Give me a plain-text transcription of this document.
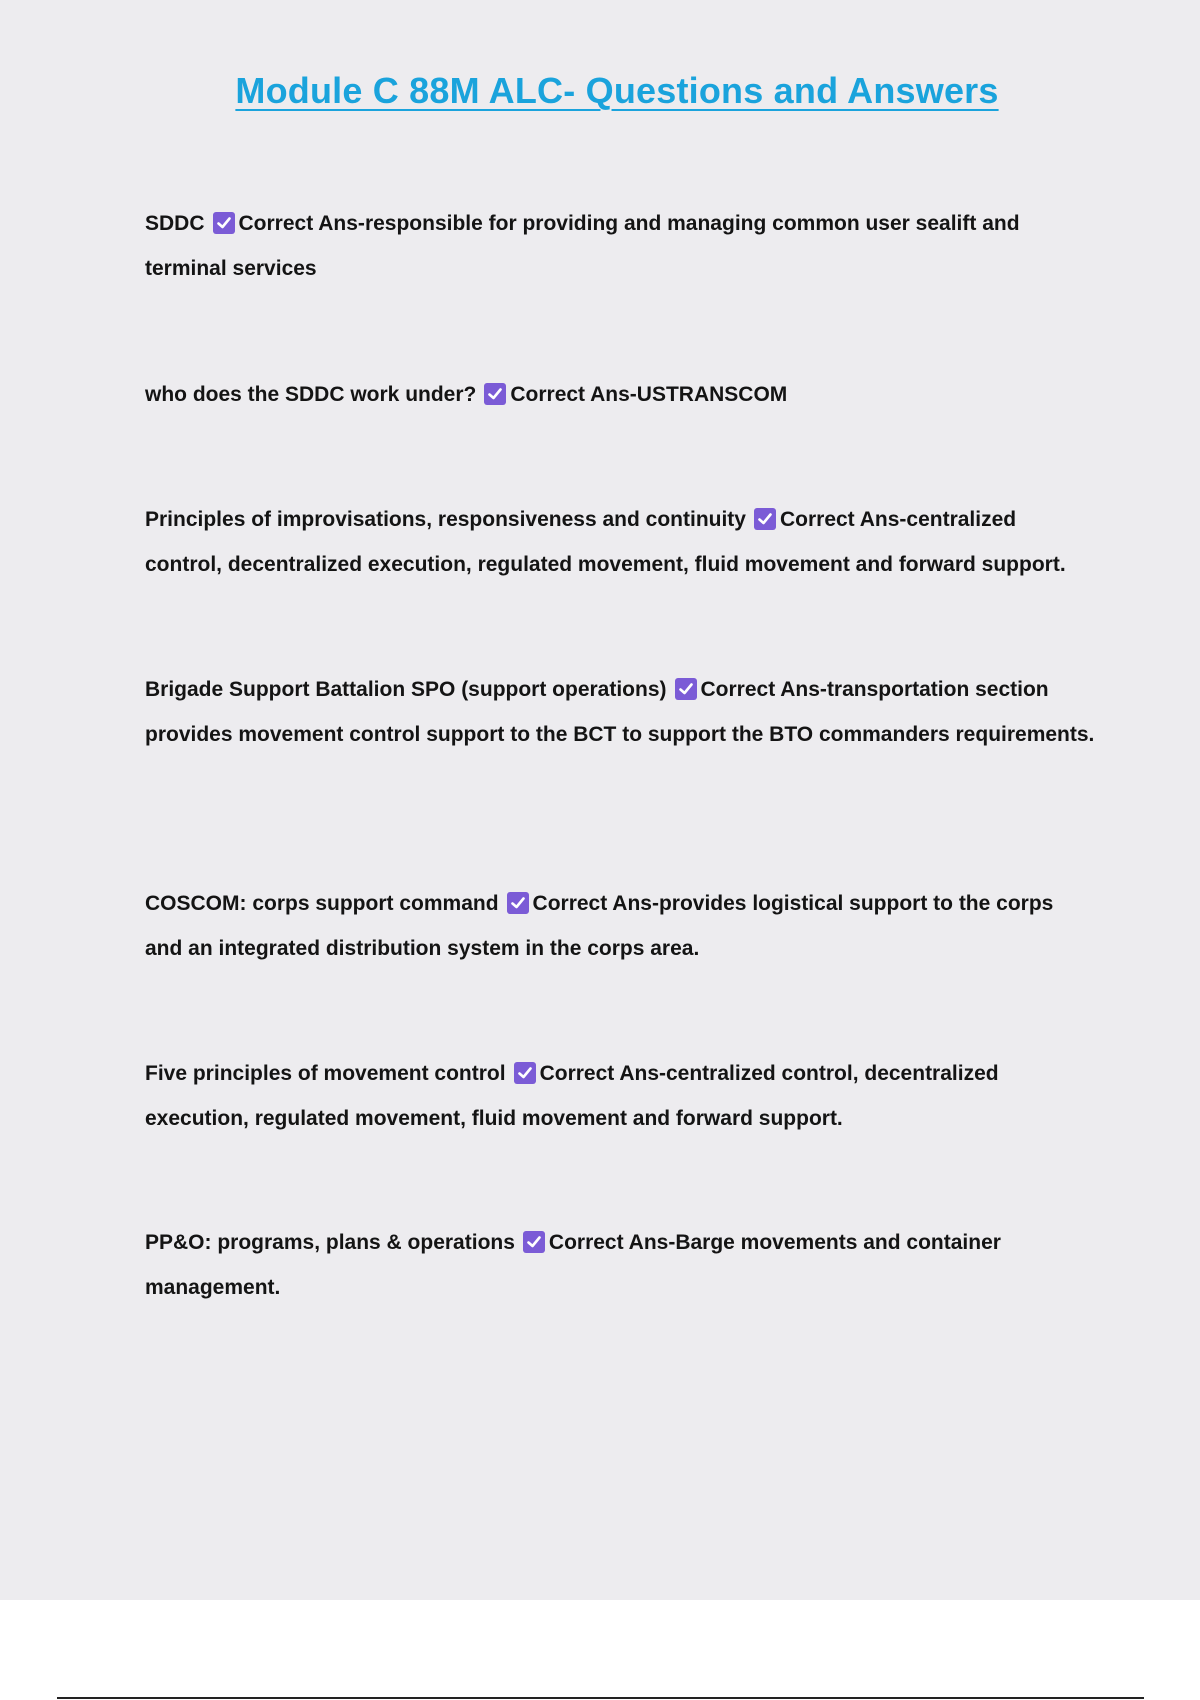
Module C 88M ALC- Questions and Answers
SDDC Correct Ans-responsible for providing and managing common user sealift and terminal services
who does the SDDC work under? Correct Ans-USTRANSCOM
Principles of improvisations, responsiveness and continuity Correct Ans-centralized control, decentralized execution, regulated movement, fluid movement and forward support.
Brigade Support Battalion SPO (support operations) Correct Ans-transportation section provides movement control support to the BCT to support the BTO commanders requirements.
COSCOM: corps support command Correct Ans-provides logistical support to the corps and an integrated distribution system in the corps area.
Five principles of movement control Correct Ans-centralized control, decentralized execution, regulated movement, fluid movement and forward support.
PP&O: programs, plans & operations Correct Ans-Barge movements and container management.
